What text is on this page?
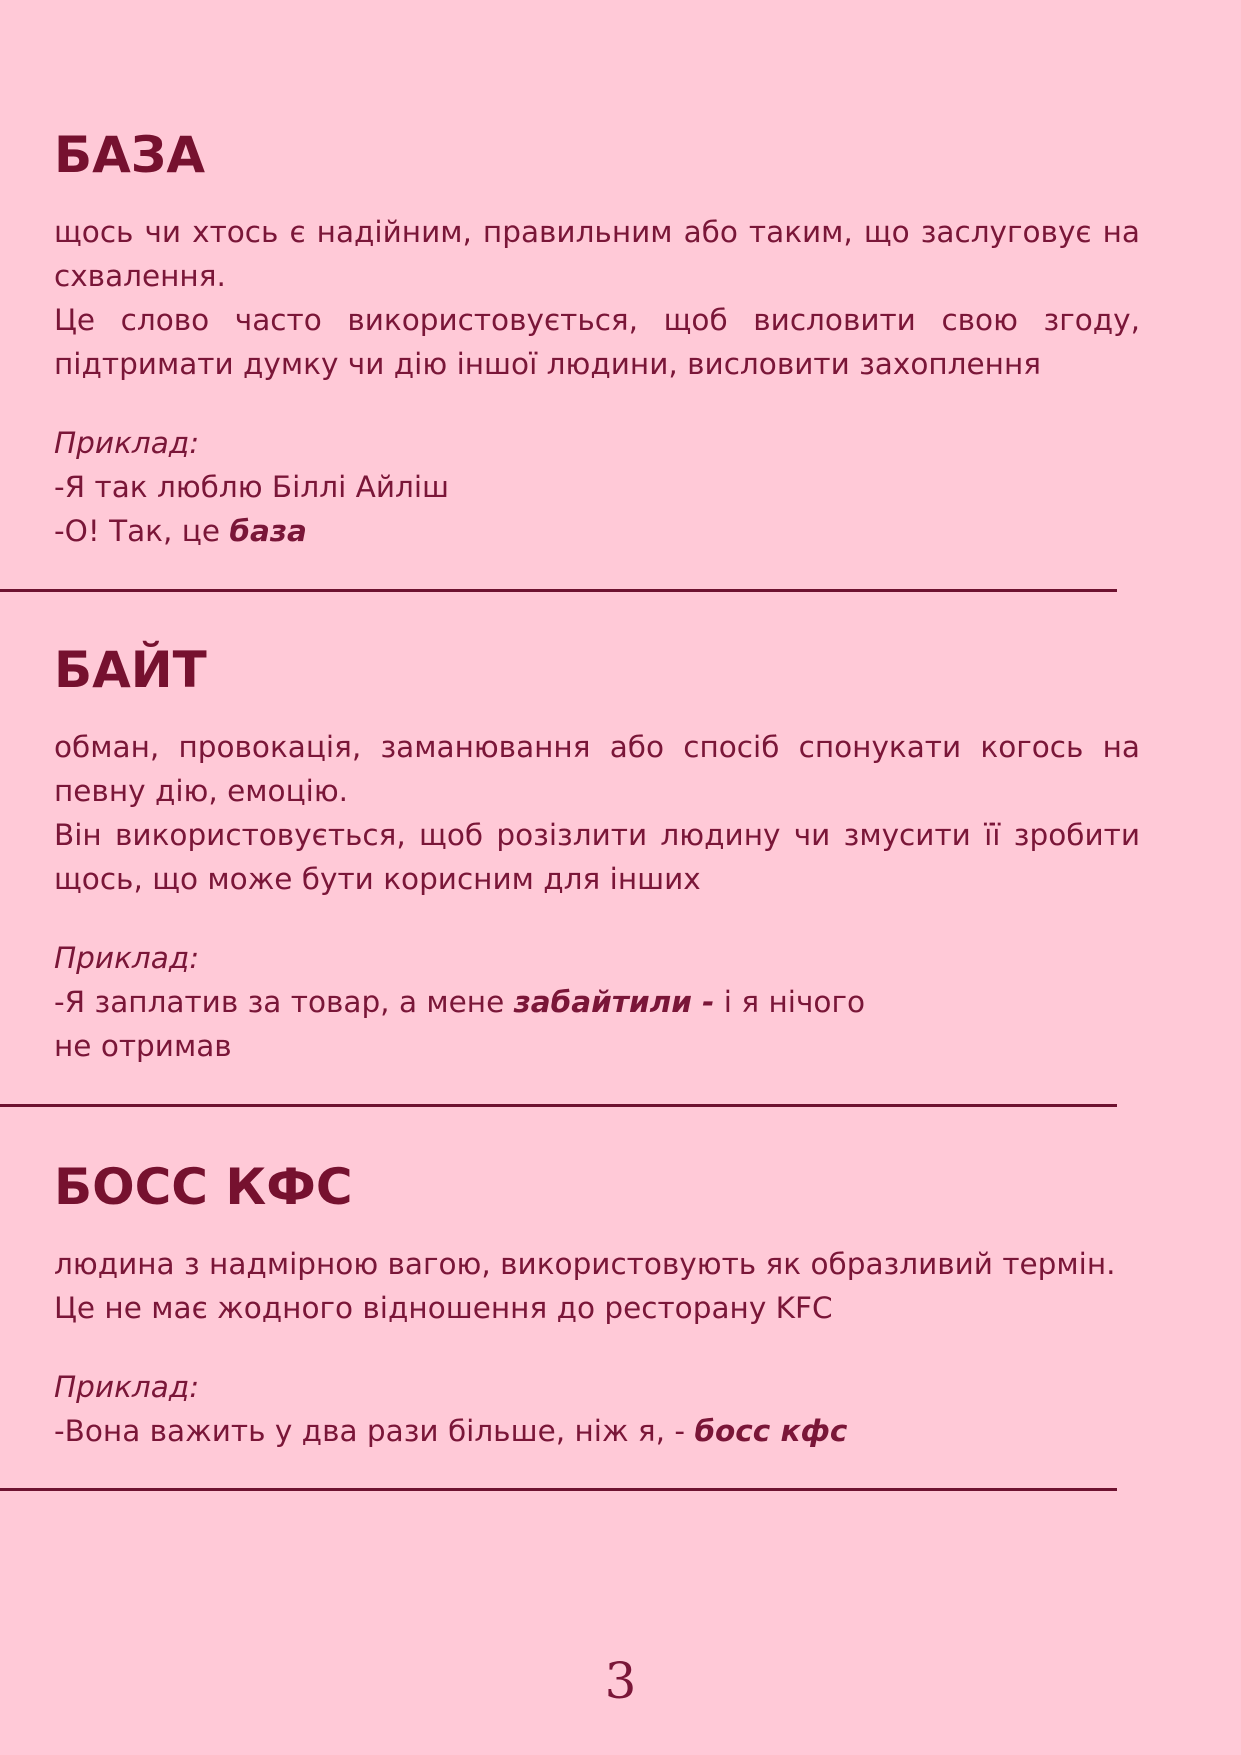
БАЗА

щось чи хтось є надійним, правильним або таким, що заслуговує на схвалення.

Це слово часто використовується, щоб висловити свою згоду, підтримати думку чи дію іншої людини, висловити захоплення

Приклад:
-Я так люблю Біллі Айліш
-О! Так, це база
БАЙТ

обман, провокація, заманювання або спосіб спонукати когось на певну дію, емоцію.

Він використовується, щоб розізлити людину чи змусити її зробити щось, що може бути корисним для інших

Приклад:
-Я заплатив за товар, а мене забайтили - і я нічого
не отримав
БОСС КФС

людина з надмірною вагою, використовують як образливий термін.

Це не має жодного відношення до ресторану KFC

Приклад:
-Вона важить у два рази більше, ніж я, - босс кфс
3
